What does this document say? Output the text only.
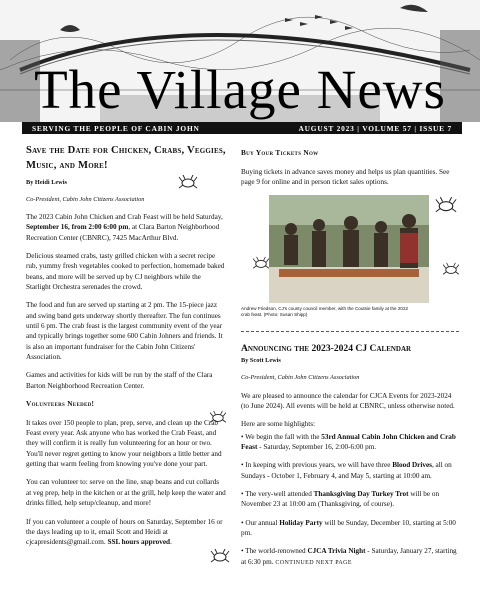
The Village News
SERVING THE PEOPLE OF CABIN JOHN	AUGUST 2023 | VOLUME 57 | ISSUE 7
Save the Date for Chicken, Crabs, Veggies, Music, and More!

By Heidi Lewis

Co-President, Cabin John Citizens Association

The 2023 Cabin John Chicken and Crab Feast will be held Saturday, September 16, from 2:00 6:00 pm, at Clara Barton Neighborhood Recreation Center (CBNRC), 7425 MacArthur Blvd.

Delicious steamed crabs, tasty grilled chicken with a secret recipe rub, yummy fresh vegetables cooked to perfection, homemade baked beans, and more will be served up by CJ neighbors while the Starlight Orchestra serenades the crowd.

The food and fun are served up starting at 2 pm. The 15-piece jazz and swing band gets underway shortly thereafter. The fun continues until 6 pm. The crab feast is the largest community event of the year and typically brings together some 600 Cabin Johners and friends. It is also an important fundraiser for the Cabin John Citizens' Association.

Games and activities for kids will be run by the staff of the Clara Barton Neighborhood Recreation Center.

Volunteers Needed!

It takes over 150 people to plan, prep, serve, and clean up the Crab Feast every year. Ask anyone who has worked the Crab Feast, and they will confirm it is really fun volunteering for an hour or two. You'll never regret getting to know your neighbors a little better and getting that warm feeling from knowing you've done your part.

You can volunteer to: serve on the line, snap beans and cut collards at veg prep, help in the kitchen or at the grill, help keep the water and drinks filled, help setup/cleanup, and more!

If you can volunteer a couple of hours on Saturday, September 16 or the days leading up to it, email Scott and Heidi at cjcapresidents@gmail.com. SSL hours approved.

Buy Your Tickets Now

Buying tickets in advance saves money and helps us plan quantities. See page 9 for online and in person ticket sales options.

Andrew Friedson, CJ's county council member, with the Coutsie family at the 2022 crab feast. (Photo: Susan Shipp)

Announcing the 2023-2024 CJ Calendar

By Scott Lewis

Co-President, Cabin John Citizens Association

We are pleased to announce the calendar for CJCA Events for 2023-2024 (to June 2024). All events will be held at CBNRC, unless otherwise noted.

Here are some highlights:

• We begin the fall with the 53rd Annual Cabin John Chicken and Crab Feast - Saturday, September 16, 2:00-6:00 pm.

• In keeping with previous years, we will have three Blood Drives, all on Sundays - October 1, February 4, and May 5, starting at 10:00 am.

• The very-well attended Thanksgiving Day Turkey Trot will be on November 23 at 10:00 am (Thanksgiving, of course).

• Our annual Holiday Party will be Sunday, December 10, starting at 5:00 pm.

• The world-renowned CJCA Trivia Night - Saturday, January 27, starting at 6:30 pm. CONTINUED NEXT PAGE
